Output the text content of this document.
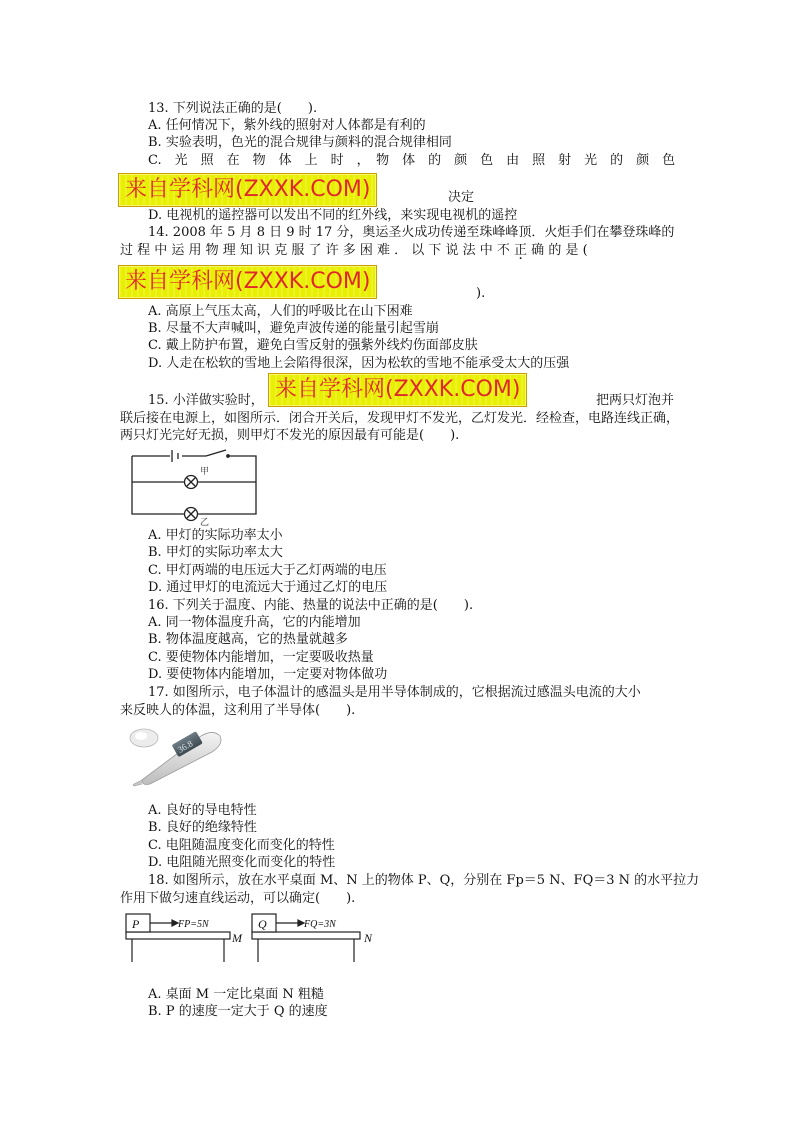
13. 下列说法正确的是(　　).
A. 任何情况下，紫外线的照射对人体都是有利的
B. 实验表明，色光的混合规律与颜料的混合规律相同
C.　光　照　在　物　体　上　时　，　物　体　的　颜　色　由　照　射　光　的　颜　色
来自学科网(ZXXK.COM)	决定
D. 电视机的遥控器可以发出不同的红外线，来实现电视机的遥控
14. 2008 年 5 月 8 日 9 时 17 分，奥运圣火成功传递至珠峰峰顶．火炬手们在攀登珠峰的
过 程 中 运 用 物 理 知 识 克 服 了 许 多 困 难 ． 以 下 说 法 中 不 正 确 · 的 是 (
来自学科网(ZXXK.COM)	).
A. 高原上气压太高，人们的呼吸比在山下困难
B. 尽量不大声喊叫，避免声波传递的能量引起雪崩
C. 戴上防护布置，避免白雪反射的强紫外线灼伤面部皮肤
D. 人走在松软的雪地上会陷得很深，因为松软的雪地不能承受太大的压强
15. 小洋做实验时， 来自学科网(ZXXK.COM)	把两只灯泡并
联后接在电源上，如图所示．闭合开关后，发现甲灯不发光，乙灯发光．经检查，电路连线正确，
两只灯光完好无损，则甲灯不发光的原因最有可能是(　　).
甲
乙
A. 甲灯的实际功率太小
B. 甲灯的实际功率太大
C. 甲灯两端的电压远大于乙灯两端的电压
D. 通过甲灯的电流远大于通过乙灯的电压
16. 下列关于温度、内能、热量的说法中正确的是(　　).
A. 同一物体温度升高，它的内能增加
B. 物体温度越高，它的热量就越多
C. 要使物体内能增加，一定要吸收热量
D. 要使物体内能增加，一定要对物体做功
17. 如图所示，电子体温计的感温头是用半导体制成的，它根据流过感温头电流的大小
来反映人的体温，这利用了半导体(　　).
36.8
A. 良好的导电特性
B. 良好的绝缘特性
C. 电阻随温度变化而变化的特性
D. 电阻随光照变化而变化的特性
18. 如图所示，放在水平桌面 M、N 上的物体 P、Q，分别在 Fp＝5 N、FQ＝3 N 的水平拉力
作用下做匀速直线运动，可以确定(　　).
P	FP=5N
M
Q	FQ=3N
N
A. 桌面 M 一定比桌面 N 粗糙
B. P 的速度一定大于 Q 的速度
